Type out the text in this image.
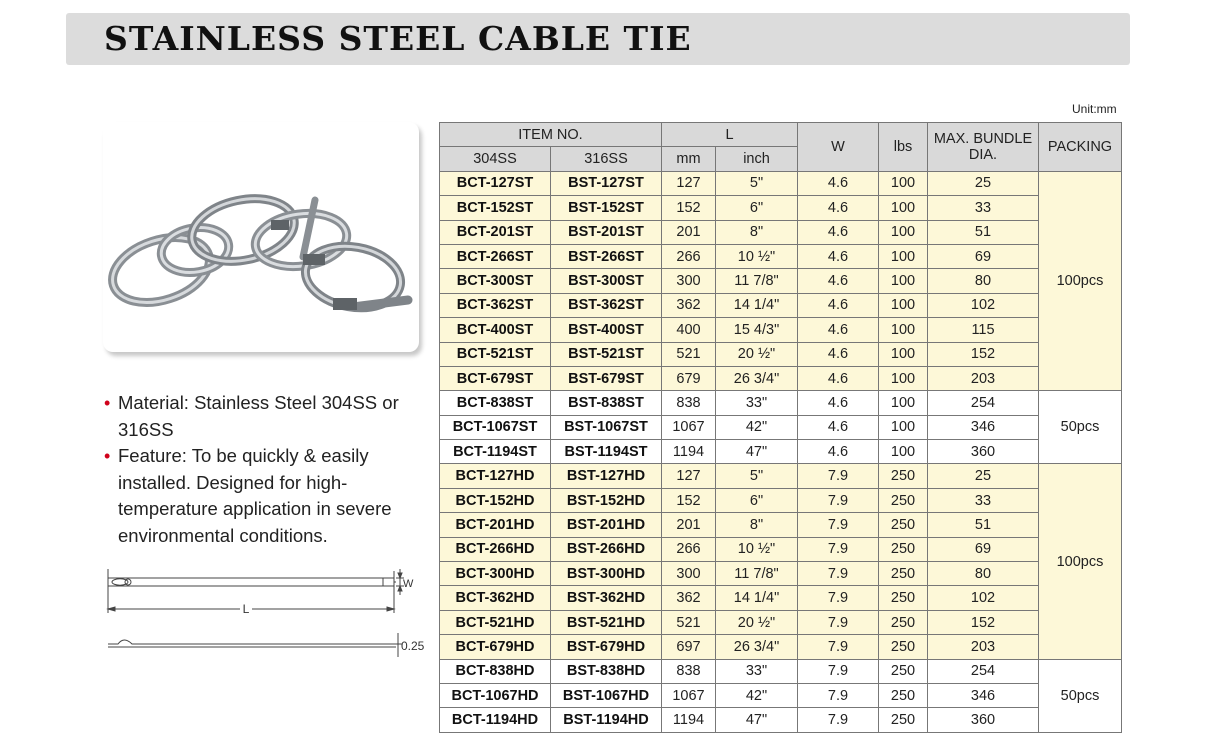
STAINLESS STEEL CABLE TIE
Unit:mm
• Material: Stainless Steel 304SS or 316SS
• Feature: To be quickly & easily installed. Designed for high-temperature application in severe environmental conditions.
L
W
0.25
ITEM NO.		L		W	lbs	MAX. BUNDLE DIA.	PACKING
304SS	316SS	mm	inch				
BCT-127ST	BST-127ST	127	5"	4.6	100	25	100pcs
BCT-152ST	BST-152ST	152	6"	4.6	100	33	
BCT-201ST	BST-201ST	201	8"	4.6	100	51	
BCT-266ST	BST-266ST	266	10 ½"	4.6	100	69	
BCT-300ST	BST-300ST	300	11 7/8"	4.6	100	80	
BCT-362ST	BST-362ST	362	14 1/4"	4.6	100	102	
BCT-400ST	BST-400ST	400	15 4/3"	4.6	100	115	
BCT-521ST	BST-521ST	521	20 ½"	4.6	100	152	
BCT-679ST	BST-679ST	679	26 3/4"	4.6	100	203	
BCT-838ST	BST-838ST	838	33"	4.6	100	254	50pcs
BCT-1067ST	BST-1067ST	1067	42"	4.6	100	346	
BCT-1194ST	BST-1194ST	1194	47"	4.6	100	360	
BCT-127HD	BST-127HD	127	5"	7.9	250	25	100pcs
BCT-152HD	BST-152HD	152	6"	7.9	250	33	
BCT-201HD	BST-201HD	201	8"	7.9	250	51	
BCT-266HD	BST-266HD	266	10 ½"	7.9	250	69	
BCT-300HD	BST-300HD	300	11 7/8"	7.9	250	80	
BCT-362HD	BST-362HD	362	14 1/4"	7.9	250	102	
BCT-521HD	BST-521HD	521	20 ½"	7.9	250	152	
BCT-679HD	BST-679HD	697	26 3/4"	7.9	250	203	
BCT-838HD	BST-838HD	838	33"	7.9	250	254	50pcs
BCT-1067HD	BST-1067HD	1067	42"	7.9	250	346	
BCT-1194HD	BST-1194HD	1194	47"	7.9	250	360	
